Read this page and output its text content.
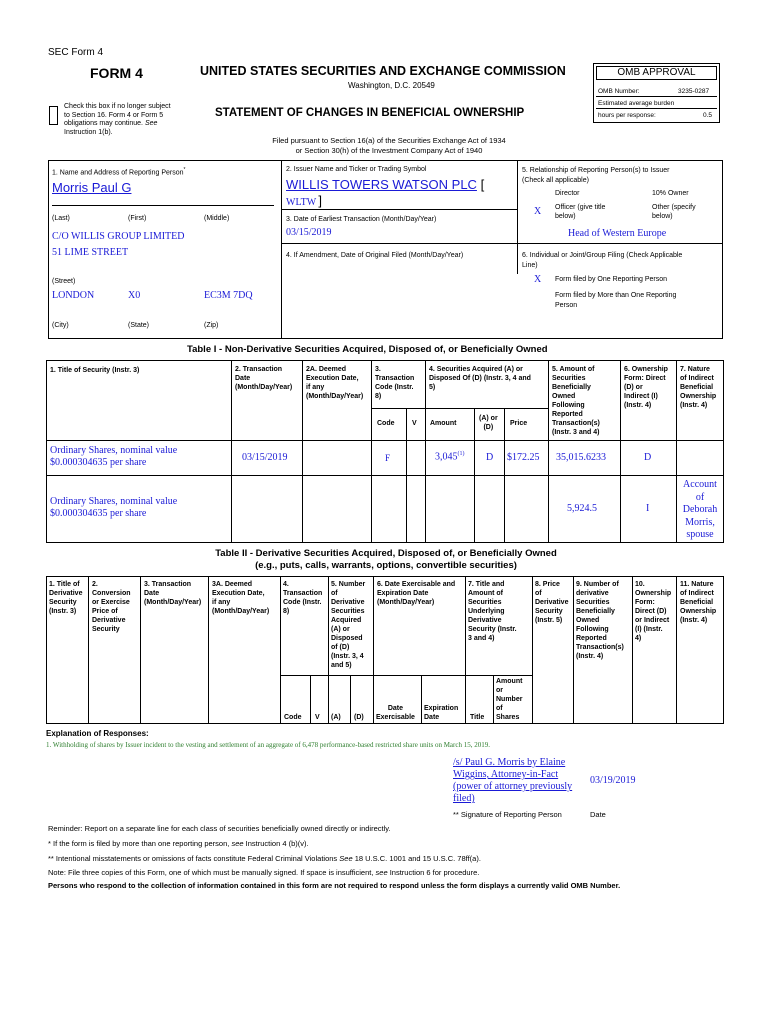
SEC Form 4
FORM 4	UNITED STATES SECURITIES AND EXCHANGE COMMISSION
Washington, D.C. 20549
Check this box if no longer subject
to Section 16. Form 4 or Form 5
obligations may continue. See
Instruction 1(b).
STATEMENT OF CHANGES IN BENEFICIAL OWNERSHIP
Filed pursuant to Section 16(a) of the Securities Exchange Act of 1934
or Section 30(h) of the Investment Company Act of 1940
OMB APPROVAL
OMB Number:	3235-0287
Estimated average burden
hours per response:	0.5
1. Name and Address of Reporting Person*
Morris Paul G
(Last)	(First)	(Middle)
C/O WILLIS GROUP LIMITED
51 LIME STREET
(Street)
LONDON	X0	EC3M 7DQ
(City)	(State)	(Zip)
2. Issuer Name and Ticker or Trading Symbol
WILLIS TOWERS WATSON PLC [
WLTW ]
3. Date of Earliest Transaction (Month/Day/Year)
03/15/2019
4. If Amendment, Date of Original Filed (Month/Day/Year)
5. Relationship of Reporting Person(s) to Issuer
(Check all applicable)
Director	10% Owner
X Officer (give title
below)
Other (specify
below)
Head of Western Europe
6. Individual or Joint/Group Filing (Check Applicable
Line)
X Form filed by One Reporting Person
Form filed by More than One Reporting
Person
Table I - Non-Derivative Securities Acquired, Disposed of, or Beneficially Owned
1. Title of Security (Instr. 3)	2. Transaction
Date
(Month/Day/Year)
2A. Deemed
Execution Date,
if any
(Month/Day/Year)
3.
Transaction
Code (Instr.
8)
4. Securities Acquired (A) or
Disposed Of (D) (Instr. 3, 4 and
5)
5. Amount of
Securities
Beneficially
Owned
Following
Reported
Transaction(s)
(Instr. 3 and 4)
6. Ownership
Form: Direct
(D) or
Indirect (I)
(Instr. 4)
7. Nature
of Indirect
Beneficial
Ownership
(Instr. 4)
Code	V Amount
(A) or
(D)
Price
Ordinary Shares, nominal value
$0.000304635 per share	03/15/2019	F	3,045$^{(1)}$ D $172.25 35,015.6233	D
Ordinary Shares, nominal value
$0.000304635 per share	5,924.5	I
Account
of
Deborah
Morris,
spouse
Table II - Derivative Securities Acquired, Disposed of, or Beneficially Owned
(e.g., puts, calls, warrants, options, convertible securities)
1. Title of
Derivative
Security
(Instr. 3)
2.
Conversion
or Exercise
Price of
Derivative
Security
3. Transaction
Date
(Month/Day/Year)
3A. Deemed
Execution Date,
if any
(Month/Day/Year)
4.
Transaction
Code (Instr.
8)
5. Number
of
Derivative
Securities
Acquired
(A) or
Disposed
of (D)
(Instr. 3, 4
and 5)
6. Date Exercisable and
Expiration Date
(Month/Day/Year)
7. Title and
Amount of
Securities
Underlying
Derivative
Security (Instr.
3 and 4)
8. Price
of
Derivative
Security
(Instr. 5)
9. Number of
derivative
Securities
Beneficially
Owned
Following
Reported
Transaction(s)
(Instr. 4)
10.
Ownership
Form:
Direct (D)
or Indirect
(I) (Instr.
4)
11. Nature
of Indirect
Beneficial
Ownership
(Instr. 4)
Code V (A) (D)
Date
Exercisable
Expiration
Date	Title
Amount
or
Number
of
Shares
Explanation of Responses:
1. Withholding of shares by Issuer incident to the vesting and settlement of an aggregate of 6,478 performance-based restricted share units on March 15, 2019.
/s/ Paul G. Morris by Elaine
Wiggins, Attorney-in-Fact
(power of attorney previously
filed)
03/19/2019
** Signature of Reporting Person	Date
Reminder: Report on a separate line for each class of securities beneficially owned directly or indirectly.
* If the form is filed by more than one reporting person, see Instruction 4 (b)(v).
** Intentional misstatements or omissions of facts constitute Federal Criminal Violations See 18 U.S.C. 1001 and 15 U.S.C. 78ff(a).
Note: File three copies of this Form, one of which must be manually signed. If space is insufficient, see Instruction 6 for procedure.
Persons who respond to the collection of information contained in this form are not required to respond unless the form displays a currently valid OMB Number.
